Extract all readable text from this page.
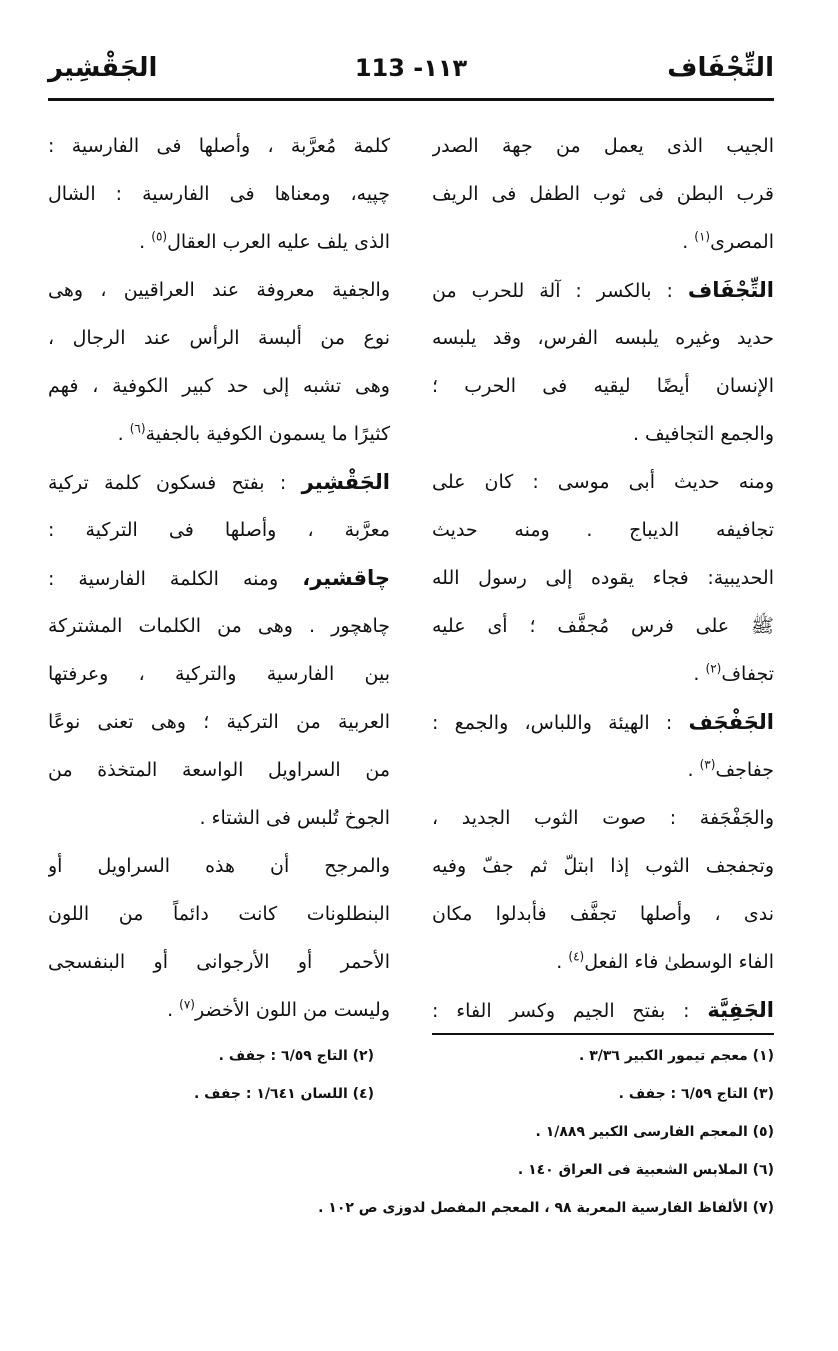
التِّجْفَاف
113 -١١٣
الجَقْشِير
الجيب الذى يعمل من جهة الصدر
قرب البطن فى ثوب الطفل فى الريف
المصرى$^{(١)}$ .
التِّجْفَاف : بالكسر : آلة للحرب من
حديد وغيره يلبسه الفرس، وقد يلبسه
الإنسان أيضًا ليقيه فى الحرب ؛
والجمع التجافيف .
ومنه حديث أبى موسى : كان على
تجافيفه الديباج . ومنه حديث
الحديبية: فجاء يقوده إلى رسول الله
ﷺ على فرس مُجفَّف ؛ أى عليه
تجفاف$^{(٢)}$ .
الجَفْجَف : الهيئة واللباس، والجمع :
جفاجف$^{(٣)}$ .
والجَفْجَفة : صوت الثوب الجديد ،
وتجفجف الثوب إذا ابتلّ ثم جفّ وفيه
ندى ، وأصلها تجفَّف فأبدلوا مكان
الفاء الوسطىٰ فاء الفعل$^{(٤)}$ .
الجَفِيَّة : بفتح الجيم وكسر الفاء :
كلمة مُعرَّبة ، وأصلها فى الفارسية :
چپيه، ومعناها فى الفارسية : الشال
الذى يلف عليه العرب العقال$^{(٥)}$ .
والجفية معروفة عند العراقيين ، وهى
نوع من ألبسة الرأس عند الرجال ،
وهى تشبه إلى حد كبير الكوفية ، فهم
كثيرًا ما يسمون الكوفية بالجفية$^{(٦)}$ .
الجَقْشِير : بفتح فسكون كلمة تركية
معرَّبة ، وأصلها فى التركية :
چاقشير، ومنه الكلمة الفارسية :
چاهچور . وهى من الكلمات المشتركة
بين الفارسية والتركية ، وعرفتها
العربية من التركية ؛ وهى تعنى نوعًا
من السراويل الواسعة المتخذة من
الجوخ تُلبس فى الشتاء .
والمرجح أن هذه السراويل أو
البنطلونات كانت دائماً من اللون
الأحمر أو الأرجوانى أو البنفسجى
وليست من اللون الأخضر$^{(٧)}$ .
(١) معجم تيمور الكبير ٣/٣٦ .
(٢) التاج ٦/٥٩ : جفف .
(٣) التاج ٦/٥٩ : جفف .
(٤) اللسان ١/٦٤١ : جفف .
(٥) المعجم الفارسى الكبير ١/٨٨٩ .
(٦) الملابس الشعبية فى العراق ١٤٠ .
(٧) الألفاظ الفارسية المعربة ٩٨ ، المعجم المفصل لدوزى ص ١٠٢ .
